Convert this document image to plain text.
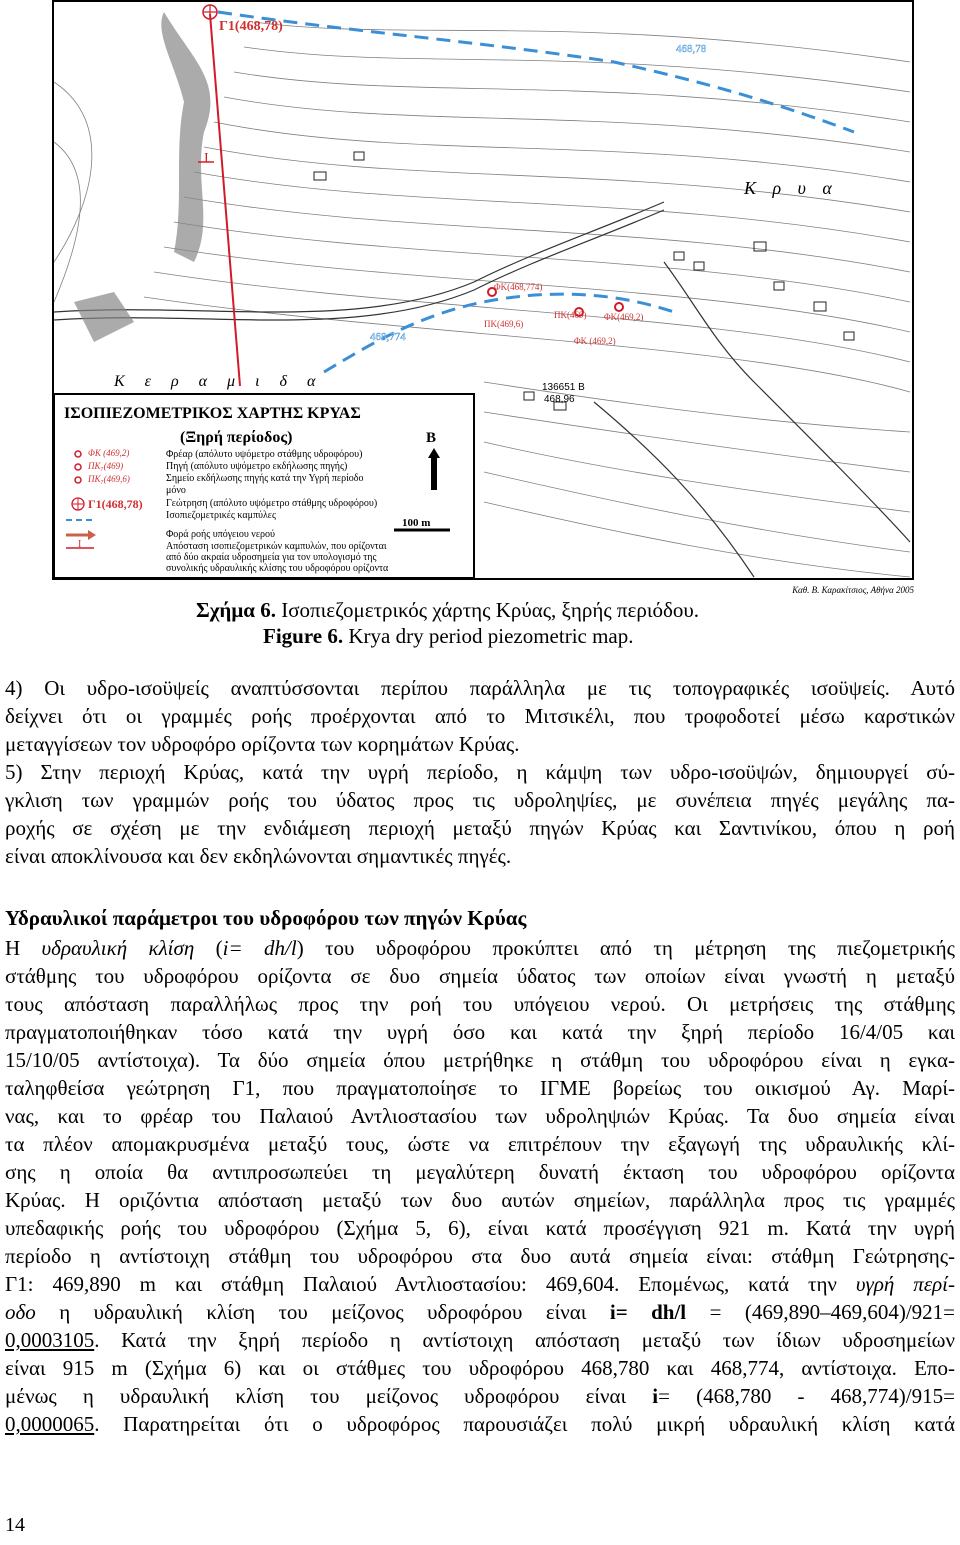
I
Γ1(468,78)
468,78
ΦΚ(468,774)
ΠΚ(469,6)
ΠΚ(469) ΦΚ(469,2)
ΦΚ (469,2)
468,774
136651 Β
468,96
Κ ρ υ α
Κ ε ρ α μ ι δ α
ΙΣΟΠΙΕΖΟΜΕΤΡΙΚΟΣ ΧΑΡΤΗΣ ΚΡΥΑΣ
(Ξηρή περίοδος)	Β
100 m
ΦΚ (469,2)
ΠΚ₇(469)
ΠΚ₇(469,6)
Γ1(468,78)
I
Φρέαρ (απόλυτο υψόμετρο στάθμης υδροφόρου)
Πηγή (απόλυτο υψόμετρο εκδήλωσης πηγής)
Σημείο εκδήλωσης πηγής κατά την Υγρή περίοδο
μόνο
Γεώτρηση (απόλυτο υψόμετρο στάθμης υδροφόρου)
Ισοπιεζομετρικές καμπύλες
Φορά ροής υπόγειου νερού
Απόσταση ισοπιεζομετρικών καμπυλών, που ορίζονται
από δύο ακραία υδροσημεία για τον υπολογισμό της
συνολικής υδραυλικής κλίσης του υδροφόρου ορίζοντα
Καθ. Β. Καρακίτσιος, Αθήνα 2005
Σχήμα 6. Ισοπιεζομετρικός χάρτης Κρύας, ξηρής περιόδου.
Figure 6. Krya dry period piezometric map.
4) Οι υδρο-ισοϋψείς αναπτύσσονται περίπου παράλληλα με τις τοπογραφικές ισοϋψείς. Αυτό
δείχνει ότι οι γραμμές ροής προέρχονται από το Μιτσικέλι, που τροφοδοτεί μέσω καρστικών
μεταγγίσεων τον υδροφόρο ορίζοντα των κορημάτων Κρύας.
5) Στην περιοχή Κρύας, κατά την υγρή περίοδο, η κάμψη των υδρο-ισοϋψών, δημιουργεί σύ-
γκλιση των γραμμών ροής του ύδατος προς τις υδροληψίες, με συνέπεια πηγές μεγάλης πα-
ροχής σε σχέση με την ενδιάμεση περιοχή μεταξύ πηγών Κρύας και Σαντινίκου, όπου η ροή
είναι αποκλίνουσα και δεν εκδηλώνονται σημαντικές πηγές.
Υδραυλικοί παράμετροι του υδροφόρου των πηγών Κρύας
Η υδραυλική κλίση (i= dh/l) του υδροφόρου προκύπτει από τη μέτρηση της πιεζομετρικής
στάθμης του υδροφόρου ορίζοντα σε δυο σημεία ύδατος των οποίων είναι γνωστή η μεταξύ
τους απόσταση παραλλήλως προς την ροή του υπόγειου νερού. Οι μετρήσεις της στάθμης
πραγματοποιήθηκαν τόσο κατά την υγρή όσο και κατά την ξηρή περίοδο 16/4/05 και
15/10/05 αντίστοιχα). Τα δύο σημεία όπου μετρήθηκε η στάθμη του υδροφόρου είναι η εγκα-
ταληφθείσα γεώτρηση Γ1, που πραγματοποίησε το ΙΓΜΕ βορείως του οικισμού Αγ. Μαρί-
νας, και το φρέαρ του Παλαιού Αντλιοστασίου των υδροληψιών Κρύας. Τα δυο σημεία είναι
τα πλέον απομακρυσμένα μεταξύ τους, ώστε να επιτρέπουν την εξαγωγή της υδραυλικής κλί-
σης η οποία θα αντιπροσωπεύει τη μεγαλύτερη δυνατή έκταση του υδροφόρου ορίζοντα
Κρύας. Η οριζόντια απόσταση μεταξύ των δυο αυτών σημείων, παράλληλα προς τις γραμμές
υπεδαφικής ροής του υδροφόρου (Σχήμα 5, 6), είναι κατά προσέγγιση 921 m. Κατά την υγρή
περίοδο η αντίστοιχη στάθμη του υδροφόρου στα δυο αυτά σημεία είναι: στάθμη Γεώτρησης-
Γ1: 469,890 m και στάθμη Παλαιού Αντλιοστασίου: 469,604. Επομένως, κατά την υγρή περί-
οδο η υδραυλική κλίση του μείζονος υδροφόρου είναι i= dh/l = (469,890–469,604)/921=
0,0003105. Κατά την ξηρή περίοδο η αντίστοιχη απόσταση μεταξύ των ίδιων υδροσημείων
είναι 915 m (Σχήμα 6) και οι στάθμες του υδροφόρου 468,780 και 468,774, αντίστοιχα. Επο-
μένως η υδραυλική κλίση του μείζονος υδροφόρου είναι i= (468,780 - 468,774)/915=
0,0000065. Παρατηρείται ότι ο υδροφόρος παρουσιάζει πολύ μικρή υδραυλική κλίση κατά
14
